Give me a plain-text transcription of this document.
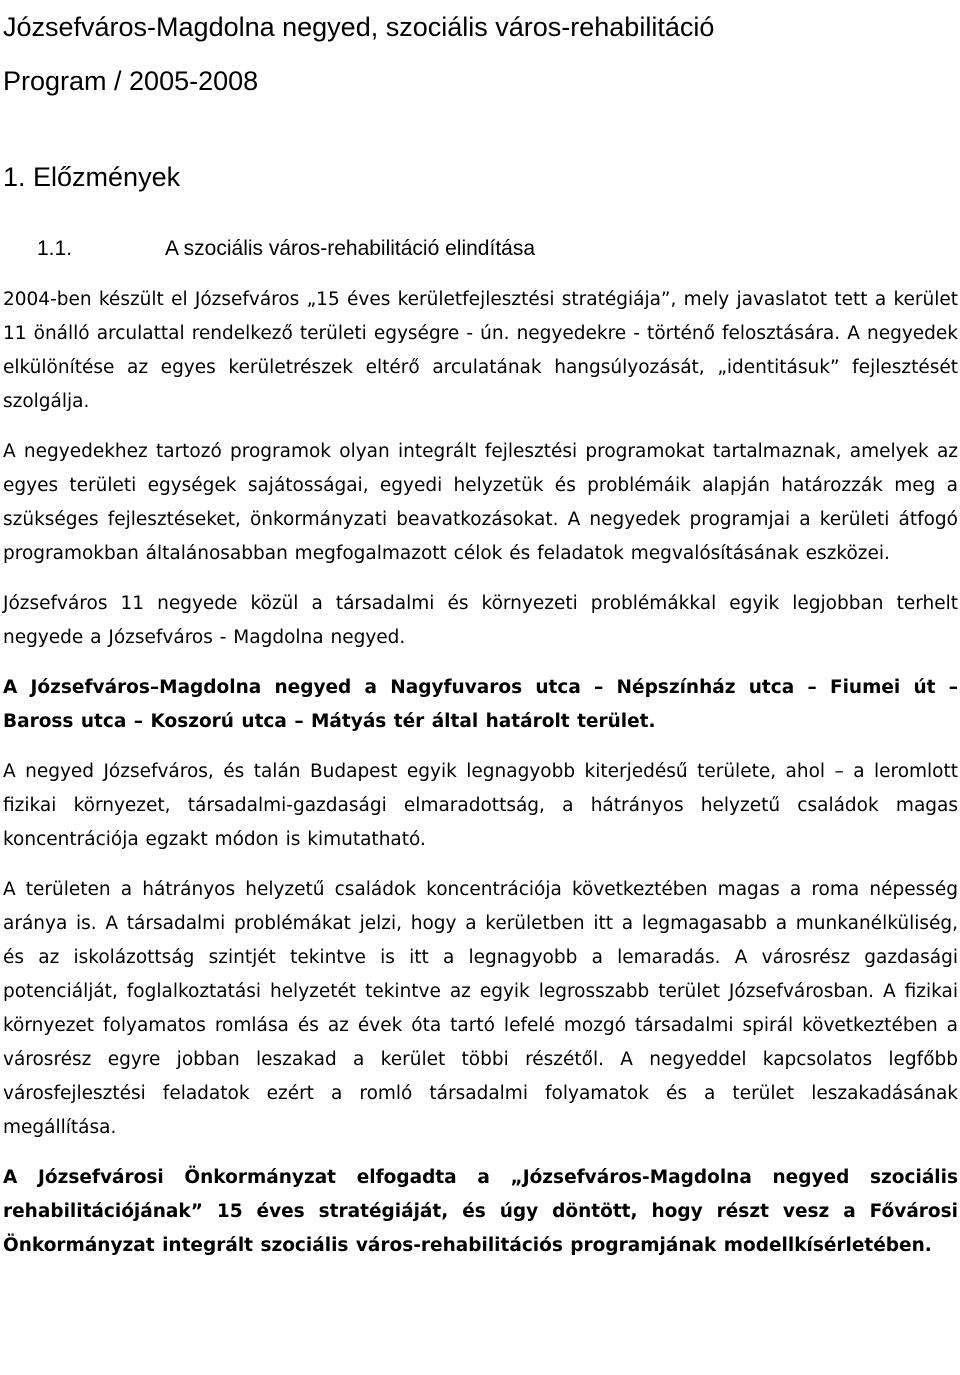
Józsefváros-Magdolna negyed, szociális város-rehabilitáció
Program / 2005-2008
1. Előzmények
1.1.	A szociális város-rehabilitáció elindítása

2004-ben készült el Józsefváros „15 éves kerületfejlesztési stratégiája”, mely javaslatot tett a kerület 11 önálló arculattal rendelkező területi egységre - ún. negyedekre - történő felosztására. A negyedek elkülönítése az egyes kerületrészek eltérő arculatának hangsúlyozását, „identitásuk” fejlesztését szolgálja.

A negyedekhez tartozó programok olyan integrált fejlesztési programokat tartalmaznak, amelyek az egyes területi egységek sajátosságai, egyedi helyzetük és problémáik alapján határozzák meg a szükséges fejlesztéseket, önkormányzati beavatkozásokat. A negyedek programjai a kerületi átfogó programokban általánosabban megfogalmazott célok és feladatok megvalósításának eszközei.

Józsefváros 11 negyede közül a társadalmi és környezeti problémákkal egyik legjobban terhelt negyede a Józsefváros - Magdolna negyed.

A Józsefváros–Magdolna negyed a Nagyfuvaros utca – Népszínház utca – Fiumei út – Baross utca – Koszorú utca – Mátyás tér által határolt terület.

A negyed Józsefváros, és talán Budapest egyik legnagyobb kiterjedésű területe, ahol – a leromlott fizikai környezet, társadalmi-gazdasági elmaradottság, a hátrányos helyzetű családok magas koncentrációja egzakt módon is kimutatható.

A területen a hátrányos helyzetű családok koncentrációja következtében magas a roma népesség aránya is. A társadalmi problémákat jelzi, hogy a kerületben itt a legmagasabb a munkanélküliség, és az iskolázottság szintjét tekintve is itt a legnagyobb a lemaradás. A városrész gazdasági potenciálját, foglalkoztatási helyzetét tekintve az egyik legrosszabb terület Józsefvárosban. A fizikai környezet folyamatos romlása és az évek óta tartó lefelé mozgó társadalmi spirál következtében a városrész egyre jobban leszakad a kerület többi részétől. A negyeddel kapcsolatos legfőbb városfejlesztési feladatok ezért a romló társadalmi folyamatok és a terület leszakadásának megállítása.

A Józsefvárosi Önkormányzat elfogadta a „Józsefváros-Magdolna negyed szociális rehabilitációjának” 15 éves stratégiáját, és úgy döntött, hogy részt vesz a Fővárosi Önkormányzat integrált szociális város-rehabilitációs programjának modellkísérletében.
